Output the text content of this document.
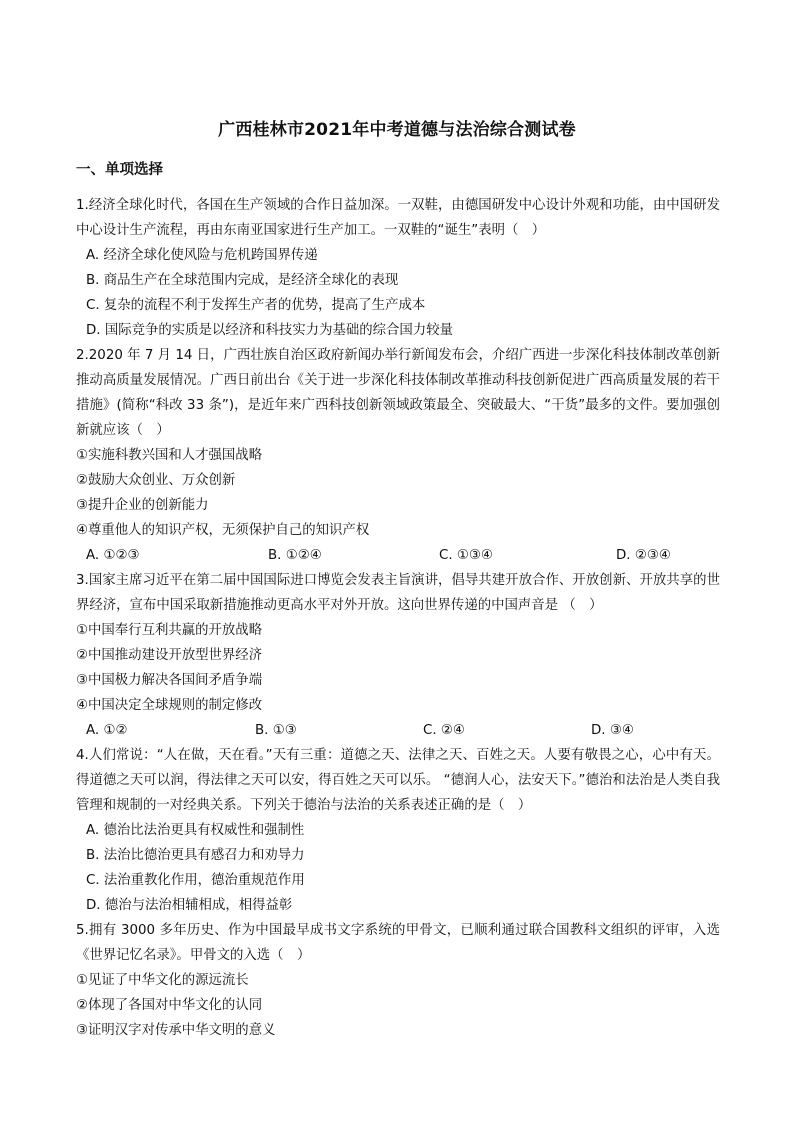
广西桂林市2021年中考道德与法治综合测试卷
一、单项选择

1.经济全球化时代，各国在生产领域的合作日益加深。一双鞋，由德国研发中心设计外观和功能，由中国研发中心设计生产流程，再由东南亚国家进行生产加工。一双鞋的“诞生”表明（　）

A. 经济全球化使风险与危机跨国界传递

B. 商品生产在全球范围内完成，是经济全球化的表现

C. 复杂的流程不利于发挥生产者的优势，提高了生产成本

D. 国际竞争的实质是以经济和科技实力为基础的综合国力较量

2.2020 年 7 月 14 日，广西壮族自治区政府新闻办举行新闻发布会，介绍广西进一步深化科技体制改革创新推动高质量发展情况。广西日前出台《关于进一步深化科技体制改革推动科技创新促进广西高质量发展的若干措施》(简称“科改 33 条”)，是近年来广西科技创新领域政策最全、突破最大、“干货”最多的文件。要加强创新就应该（　）

①实施科教兴国和人才强国战略

②鼓励大众创业、万众创新

③提升企业的创新能力

④尊重他人的知识产权，无须保护自己的知识产权

A. ①②③	B. ①②④	C. ①③④	D. ②③④

3.国家主席习近平在第二届中国国际进口博览会发表主旨演讲，倡导共建开放合作、开放创新、开放共享的世界经济，宣布中国采取新措施推动更高水平对外开放。这向世界传递的中国声音是 （　）

①中国奉行互利共赢的开放战略

②中国推动建设开放型世界经济

③中国极力解决各国间矛盾争端

④中国决定全球规则的制定修改

A. ①②	B. ①③	C. ②④	D. ③④

4.人们常说：“人在做，天在看。”天有三重：道德之天、法律之天、百姓之天。人要有敬畏之心，心中有天。得道德之天可以润，得法律之天可以安，得百姓之天可以乐。 “德润人心，法安天下。”德治和法治是人类自我管理和规制的一对经典关系。下列关于德治与法治的关系表述正确的是（　）

A. 德治比法治更具有权威性和强制性

B. 法治比德治更具有感召力和劝导力

C. 法治重教化作用，德治重规范作用

D. 德治与法治相辅相成，相得益彰

5.拥有 3000 多年历史、作为中国最早成书文字系统的甲骨文，已顺利通过联合国教科文组织的评审，入选《世界记忆名录》。甲骨文的入选（　）

①见证了中华文化的源远流长

②体现了各国对中华文化的认同

③证明汉字对传承中华文明的意义
